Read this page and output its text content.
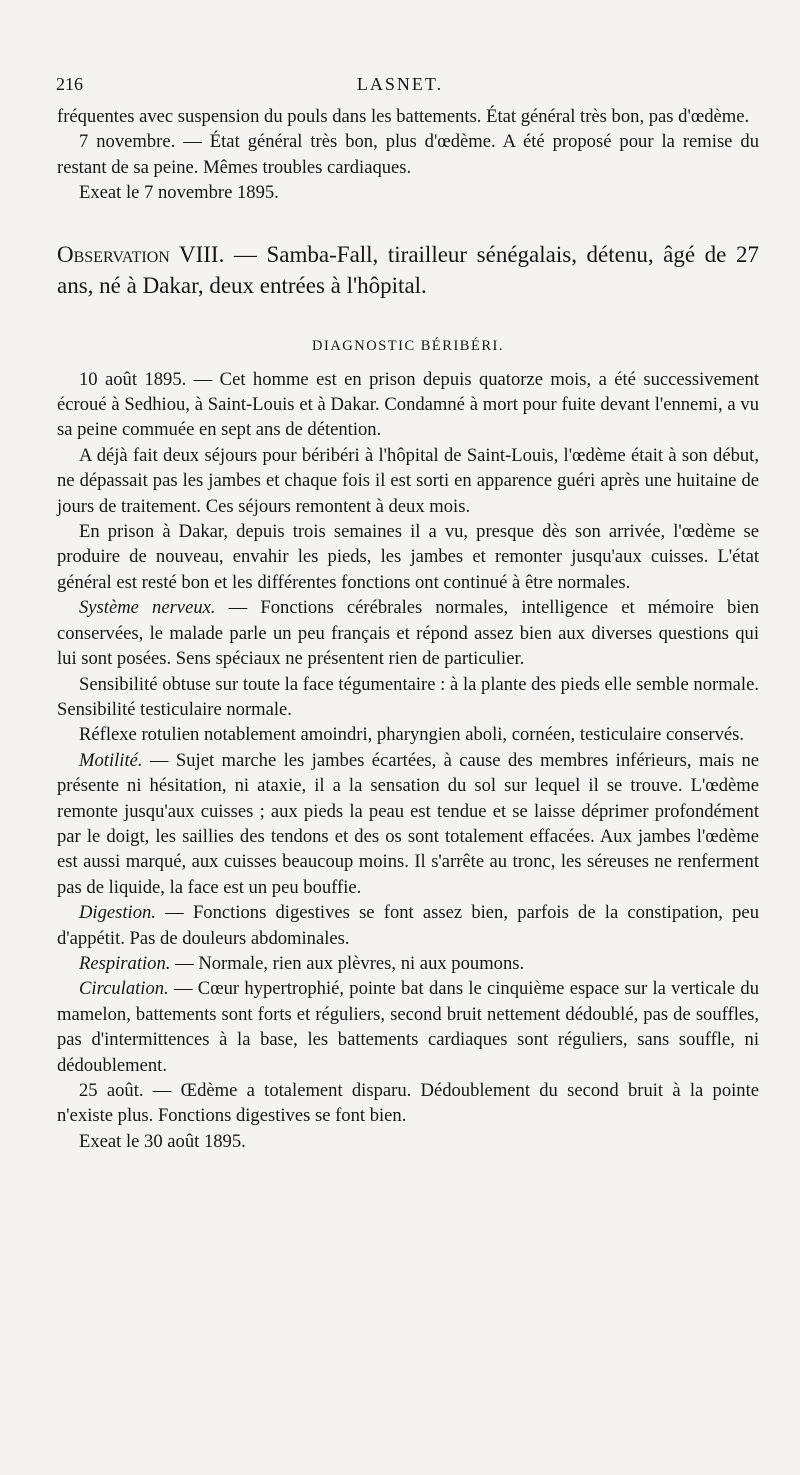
216	LASNET.

fréquentes avec suspension du pouls dans les battements. État général très bon, pas d'œdème.

7 novembre. — État général très bon, plus d'œdème. A été proposé pour la remise du restant de sa peine. Mêmes troubles cardiaques.

Exeat le 7 novembre 1895.

Observation VIII. — Samba-Fall, tirailleur sénégalais, détenu, âgé de 27 ans, né à Dakar, deux entrées à l'hôpital.

DIAGNOSTIC BÉRIBÉRI.

10 août 1895. — Cet homme est en prison depuis quatorze mois, a été successivement écroué à Sedhiou, à Saint-Louis et à Dakar. Condamné à mort pour fuite devant l'ennemi, a vu sa peine commuée en sept ans de détention.

A déjà fait deux séjours pour béribéri à l'hôpital de Saint-Louis, l'œdème était à son début, ne dépassait pas les jambes et chaque fois il est sorti en apparence guéri après une huitaine de jours de traitement. Ces séjours remontent à deux mois.

En prison à Dakar, depuis trois semaines il a vu, presque dès son arrivée, l'œdème se produire de nouveau, envahir les pieds, les jambes et remonter jusqu'aux cuisses. L'état général est resté bon et les différentes fonctions ont continué à être normales.

Système nerveux. — Fonctions cérébrales normales, intelligence et mémoire bien conservées, le malade parle un peu français et répond assez bien aux diverses questions qui lui sont posées. Sens spéciaux ne présentent rien de particulier.

Sensibilité obtuse sur toute la face tégumentaire : à la plante des pieds elle semble normale. Sensibilité testiculaire normale.

Réflexe rotulien notablement amoindri, pharyngien aboli, cornéen, testiculaire conservés.

Motilité. — Sujet marche les jambes écartées, à cause des membres inférieurs, mais ne présente ni hésitation, ni ataxie, il a la sensation du sol sur lequel il se trouve. L'œdème remonte jusqu'aux cuisses ; aux pieds la peau est tendue et se laisse déprimer profondément par le doigt, les saillies des tendons et des os sont totalement effacées. Aux jambes l'œdème est aussi marqué, aux cuisses beaucoup moins. Il s'arrête au tronc, les séreuses ne renferment pas de liquide, la face est un peu bouffie.

Digestion. — Fonctions digestives se font assez bien, parfois de la constipation, peu d'appétit. Pas de douleurs abdominales.

Respiration. — Normale, rien aux plèvres, ni aux poumons.

Circulation. — Cœur hypertrophié, pointe bat dans le cinquième espace sur la verticale du mamelon, battements sont forts et réguliers, second bruit nettement dédoublé, pas de souffles, pas d'intermittences à la base, les battements cardiaques sont réguliers, sans souffle, ni dédoublement.

25 août. — Œdème a totalement disparu. Dédoublement du second bruit à la pointe n'existe plus. Fonctions digestives se font bien.

Exeat le 30 août 1895.
